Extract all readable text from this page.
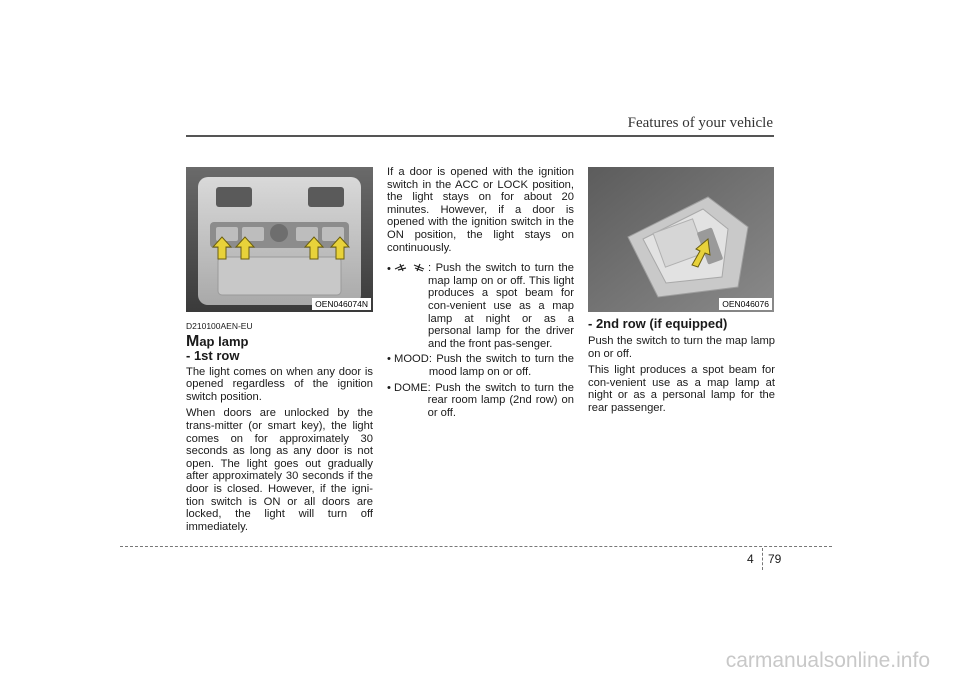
Features of your vehicle
OEN046074N
D210100AEN-EU
Map lamp
- 1st row

The light comes on when any door is opened regardless of the ignition switch position.

When doors are unlocked by the trans-mitter (or smart key), the light comes on for approximately 30 seconds as long as any door is not open. The light goes out gradually after approximately 30 seconds if the door is closed. However, if the igni-tion switch is ON or all doors are locked, the light will turn off immediately.

If a door is opened with the ignition switch in the ACC or LOCK position, the light stays on for about 20 minutes. However, if a door is opened with the ignition switch in the ON position, the light stays on continuously.

•	: Push the switch to turn the map lamp on or off. This light produces a spot beam for con-venient use as a map lamp at night or as a personal lamp for the driver and the front pas-senger.
• MOOD : Push the switch to turn the mood lamp on or off.
• DOME : Push the switch to turn the rear room lamp (2nd row) on or off.
OEN046076
- 2nd row (if equipped)

Push the switch to turn the map lamp on or off.

This light produces a spot beam for con-venient use as a map lamp at night or as a personal lamp for the rear passenger.

4 79
carmanualsonline.info
